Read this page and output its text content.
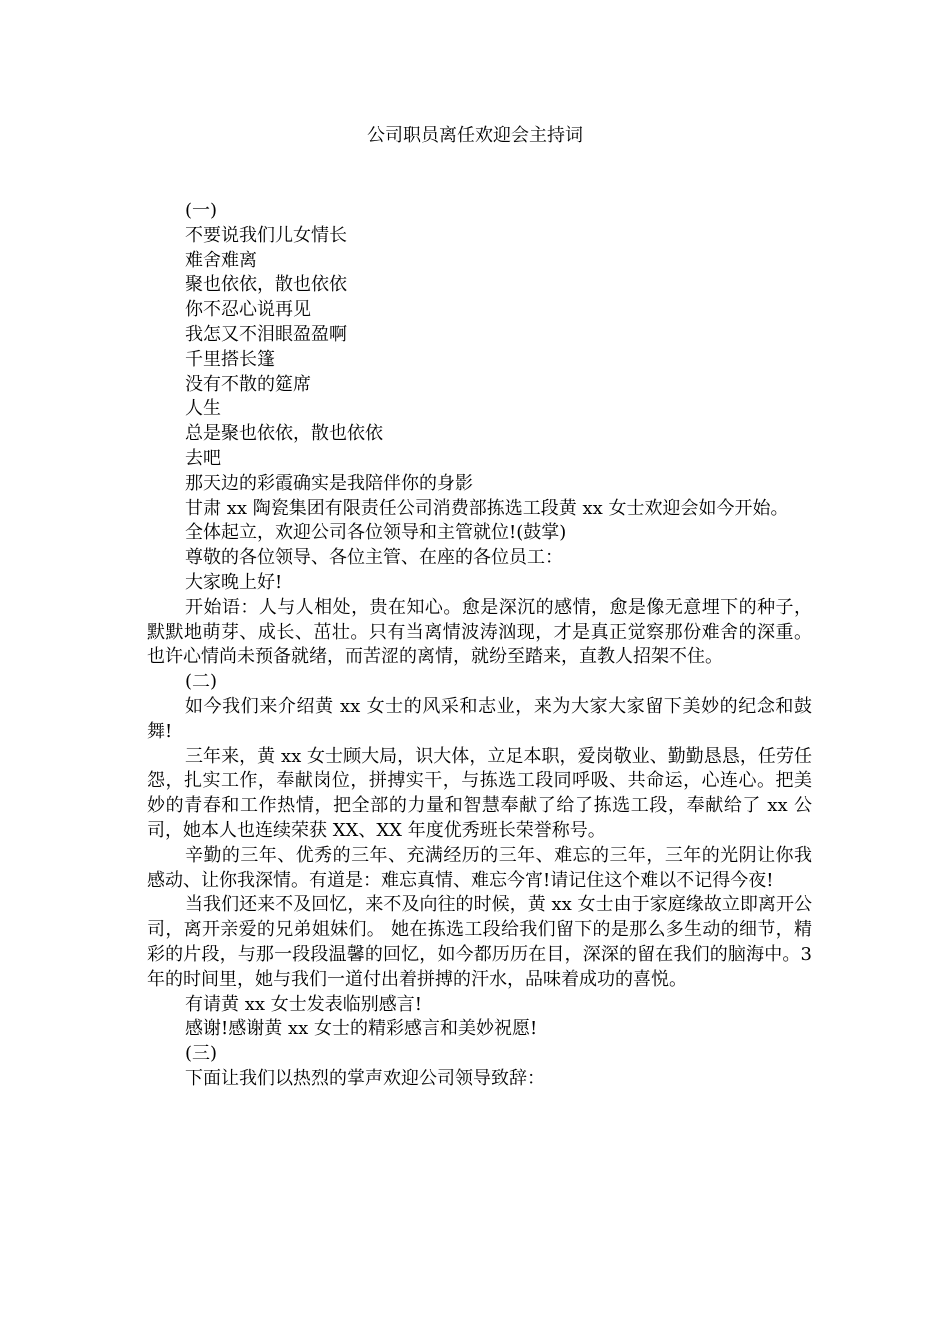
公司职员离任欢迎会主持词

(一)

不要说我们儿女情长

难舍难离

聚也依依，散也依依

你不忍心说再见

我怎又不泪眼盈盈啊

千里搭长篷

没有不散的筵席

人生

总是聚也依依，散也依依

去吧

那天边的彩霞确实是我陪伴你的身影

甘肃 xx 陶瓷集团有限责任公司消费部拣选工段黄 xx 女士欢迎会如今开始。

全体起立，欢迎公司各位领导和主管就位!(鼓掌)

尊敬的各位领导、各位主管、在座的各位员工：

大家晚上好!

开始语：人与人相处，贵在知心。愈是深沉的感情，愈是像无意埋下的种子，默默地萌芽、成长、茁壮。只有当离情波涛汹现，才是真正觉察那份难舍的深重。也许心情尚未预备就绪，而苦涩的离情，就纷至踏来，直教人招架不住。

(二)

如今我们来介绍黄 xx 女士的风采和志业，来为大家大家留下美妙的纪念和鼓舞!

三年来，黄 xx 女士顾大局，识大体，立足本职，爱岗敬业、勤勤恳恳，任劳任怨，扎实工作，奉献岗位，拼搏实干，与拣选工段同呼吸、共命运，心连心。把美妙的青春和工作热情，把全部的力量和智慧奉献了给了拣选工段，奉献给了 xx 公司，她本人也连续荣获 XX、XX 年度优秀班长荣誉称号。

辛勤的三年、优秀的三年、充满经历的三年、难忘的三年，三年的光阴让你我感动、让你我深情。有道是：难忘真情、难忘今宵!请记住这个难以不记得今夜!

当我们还来不及回忆，来不及向往的时候，黄 xx 女士由于家庭缘故立即离开公司，离开亲爱的兄弟姐妹们。 她在拣选工段给我们留下的是那么多生动的细节，精彩的片段，与那一段段温馨的回忆，如今都历历在目，深深的留在我们的脑海中。3 年的时间里，她与我们一道付出着拼搏的汗水，品味着成功的喜悦。

有请黄 xx 女士发表临别感言!

感谢!感谢黄 xx 女士的精彩感言和美妙祝愿!

(三)

下面让我们以热烈的掌声欢迎公司领导致辞：
